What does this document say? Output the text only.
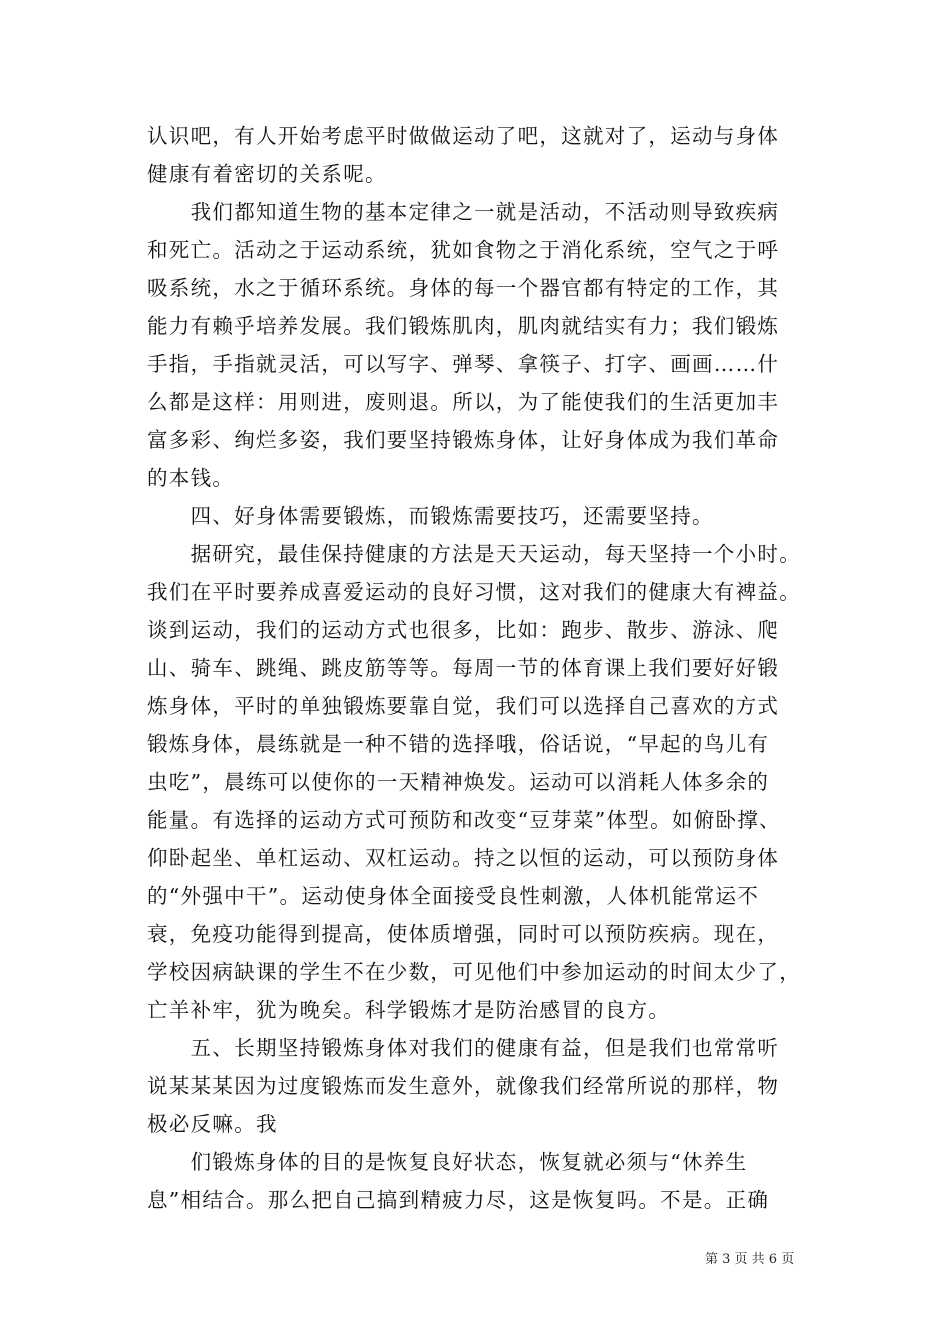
认识吧，有人开始考虑平时做做运动了吧，这就对了，运动与身体
健康有着密切的关系呢。
　　我们都知道生物的基本定律之一就是活动，不活动则导致疾病
和死亡。活动之于运动系统，犹如食物之于消化系统，空气之于呼
吸系统，水之于循环系统。身体的每一个器官都有特定的工作，其
能力有赖乎培养发展。我们锻炼肌肉，肌肉就结实有力；我们锻炼
手指，手指就灵活，可以写字、弹琴、拿筷子、打字、画画……什
么都是这样：用则进，废则退。所以，为了能使我们的生活更加丰
富多彩、绚烂多姿，我们要坚持锻炼身体，让好身体成为我们革命
的本钱。
　　四、好身体需要锻炼，而锻炼需要技巧，还需要坚持。
　　据研究，最佳保持健康的方法是天天运动，每天坚持一个小时。
我们在平时要养成喜爱运动的良好习惯，这对我们的健康大有裨益。
谈到运动，我们的运动方式也很多，比如：跑步、散步、游泳、爬
山、骑车、跳绳、跳皮筋等等。每周一节的体育课上我们要好好锻
炼身体，平时的单独锻炼要靠自觉，我们可以选择自己喜欢的方式
锻炼身体，晨练就是一种不错的选择哦，俗话说，“早起的鸟儿有
虫吃”，晨练可以使你的一天精神焕发。运动可以消耗人体多余的
能量。有选择的运动方式可预防和改变“豆芽菜”体型。如俯卧撑、
仰卧起坐、单杠运动、双杠运动。持之以恒的运动，可以预防身体
的“外强中干”。运动使身体全面接受良性刺激，人体机能常运不
衰，免疫功能得到提高，使体质增强，同时可以预防疾病。现在，
学校因病缺课的学生不在少数，可见他们中参加运动的时间太少了，
亡羊补牢，犹为晚矣。科学锻炼才是防治感冒的良方。
　　五、长期坚持锻炼身体对我们的健康有益，但是我们也常常听
说某某某因为过度锻炼而发生意外，就像我们经常所说的那样，物
极必反嘛。我
　　们锻炼身体的目的是恢复良好状态，恢复就必须与“休养生
息”相结合。那么把自己搞到精疲力尽，这是恢复吗。不是。正确
第 3 页 共 6 页
